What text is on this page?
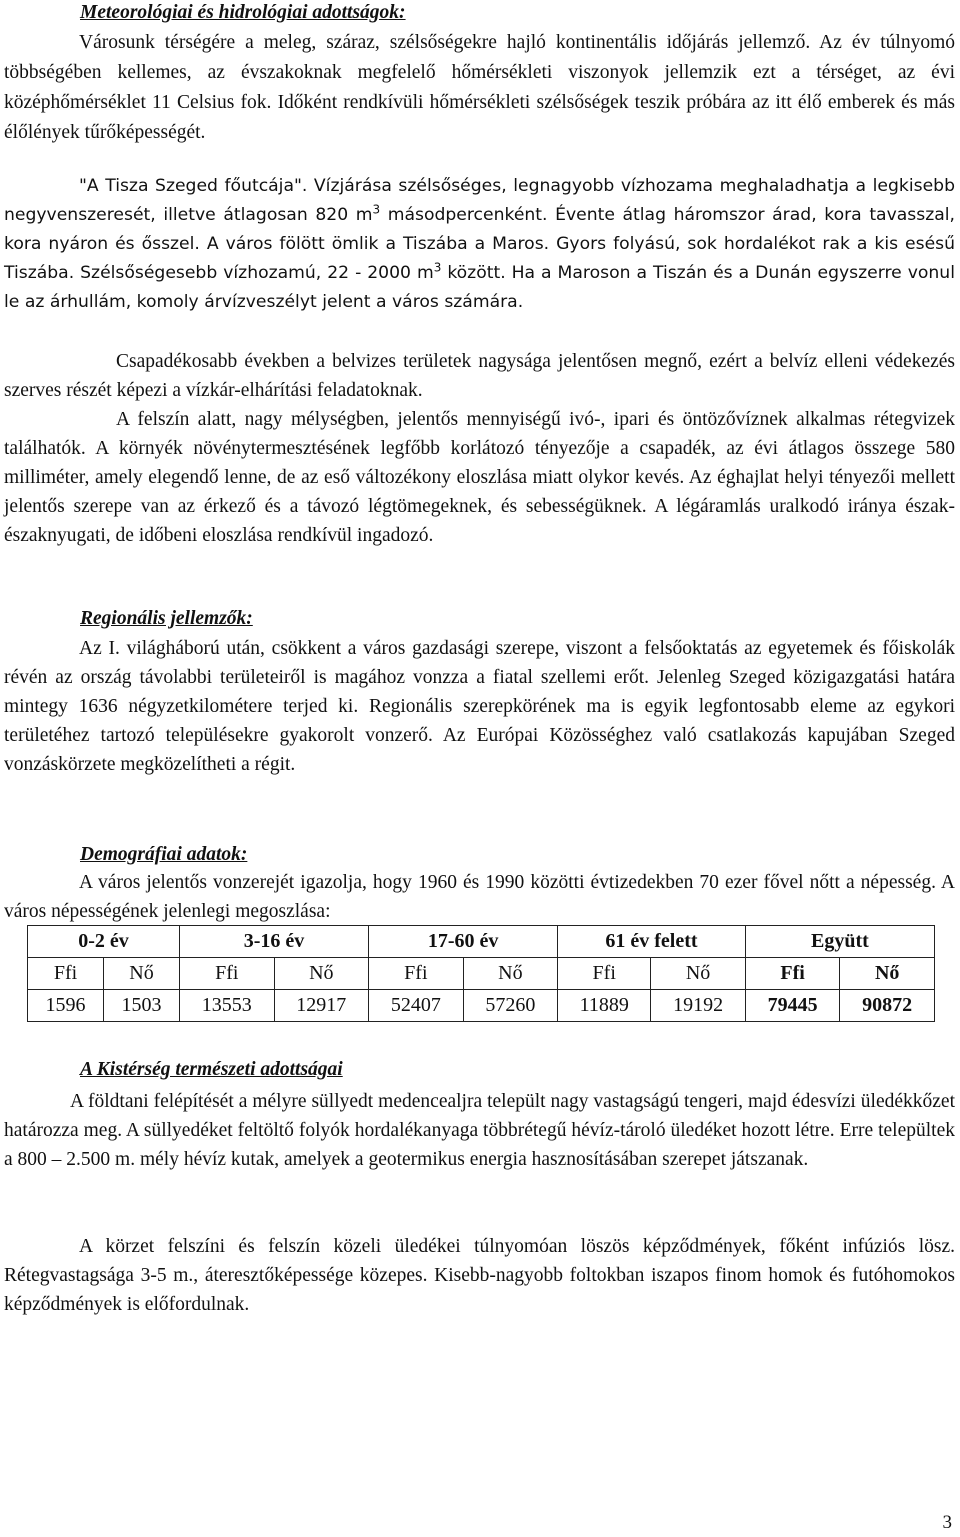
Meteorológiai és hidrológiai adottságok:

Városunk térségére a meleg, száraz, szélsőségekre hajló kontinentális időjárás jellemző. Az év túlnyomó többségében kellemes, az évszakoknak megfelelő hőmérsékleti viszonyok jellemzik ezt a térséget, az évi középhőmérséklet 11 Celsius fok. Időként rendkívüli hőmérsékleti szélsőségek teszik próbára az itt élő emberek és más élőlények tűrőképességét.

"A Tisza Szeged főutcája". Vízjárása szélsőséges, legnagyobb vízhozama meghaladhatja a legkisebb negyvenszeresét, illetve átlagosan 820 $m^3$ másodpercenként. Évente átlag háromszor árad, kora tavasszal, kora nyáron és ősszel. A város fölött ömlik a Tiszába a Maros. Gyors folyású, sok hordalékot rak a kis esésű Tiszába. Szélsőségesebb vízhozamú, 22 - 2000 $m^3$ között. Ha a Maroson a Tiszán és a Dunán egyszerre vonul le az árhullám, komoly árvízveszélyt jelent a város számára.

Csapadékosabb években a belvizes területek nagysága jelentősen megnő, ezért a belvíz elleni védekezés szerves részét képezi a vízkár-elhárítási feladatoknak.

A felszín alatt, nagy mélységben, jelentős mennyiségű ivó-, ipari és öntözővíznek alkalmas rétegvizek találhatók. A környék növénytermesztésének legfőbb korlátozó tényezője a csapadék, az évi átlagos összege 580 milliméter, amely elegendő lenne, de az eső változékony eloszlása miatt olykor kevés. Az éghajlat helyi tényezői mellett jelentős szerepe van az érkező és a távozó légtömegeknek, és sebességüknek. A légáramlás uralkodó iránya észak-északnyugati, de időbeni eloszlása rendkívül ingadozó.

Regionális jellemzők:

Az I. világháború után, csökkent a város gazdasági szerepe, viszont a felsőoktatás az egyetemek és főiskolák révén az ország távolabbi területeiről is magához vonzza a fiatal szellemi erőt. Jelenleg Szeged közigazgatási határa mintegy 1636 négyzetkilométere terjed ki. Regionális szerepkörének ma is egyik legfontosabb eleme az egykori területéhez tartozó településekre gyakorolt vonzerő. Az Európai Közösséghez való csatlakozás kapujában Szeged vonzáskörzete megközelítheti a régit.

Demográfiai adatok:

A város jelentős vonzerejét igazolja, hogy 1960 és 1990 közötti évtizedekben 70 ezer fővel nőtt a népesség. A város népességének jelenlegi megoszlása:

0-2 év		3-16 év		17-60 év		61 év felett		Együtt	
Ffi	Nő	Ffi	Nő	Ffi	Nő	Ffi	Nő	Ffi	Nő
1596	1503	13553	12917	52407	57260	11889	19192	79445	90872
A Kistérség természeti adottságai

A földtani felépítését a mélyre süllyedt medencealjra települt nagy vastagságú tengeri, majd édesvízi üledékkőzet határozza meg. A süllyedéket feltöltő folyók hordalékanyaga többrétegű hévíz-tároló üledéket hozott létre. Erre települtek a 800 – 2.500 m. mély hévíz kutak, amelyek a geotermikus energia hasznosításában szerepet játszanak.

A körzet felszíni és felszín közeli üledékei túlnyomóan löszös képződmények, főként infúziós lösz. Rétegvastagsága 3-5 m., áteresztőképessége közepes. Kisebb-nagyobb foltokban iszapos finom homok és futóhomokos képződmények is előfordulnak.

3
